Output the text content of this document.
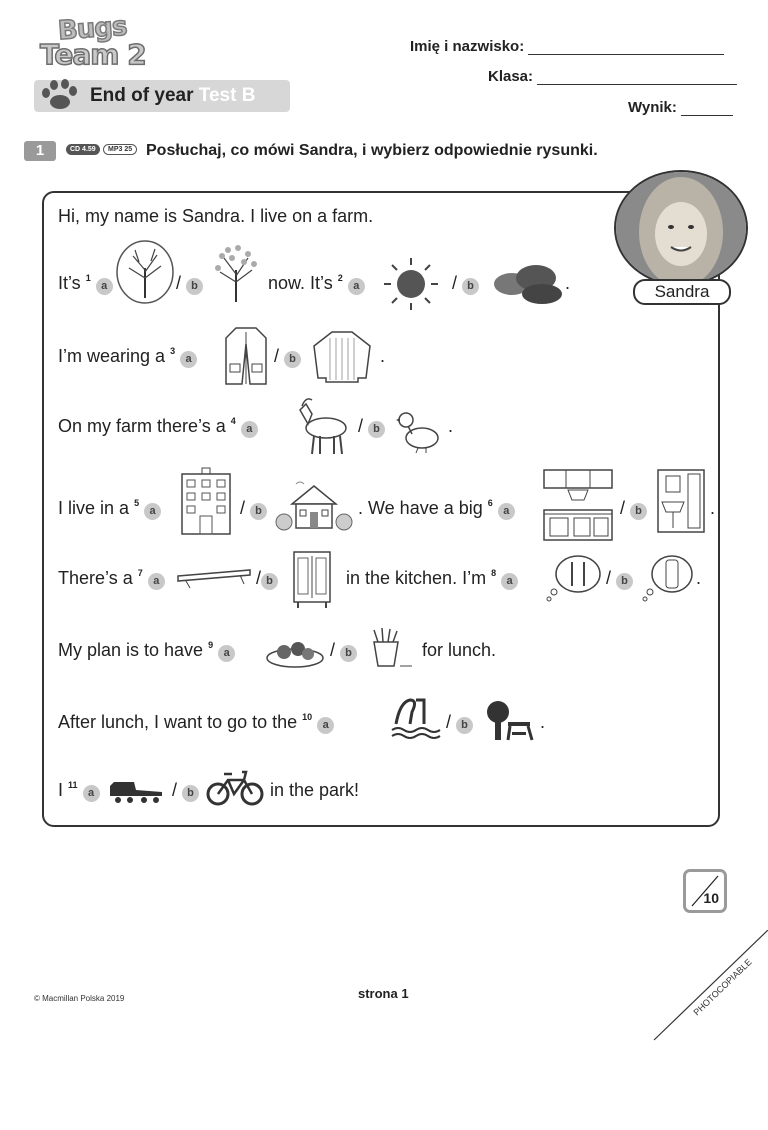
Bugs
Team 2	Imię i nazwisko:
Klasa:
Wynik:
End of year Test B
1	CD 4.59	MP3 25 Posłuchaj, co mówi Sandra, i wybierz odpowiednie rysunki.
Sandra
Hi, my name is Sandra. I live on a farm.
It’s $^1$ a	/ b	now. It’s $^2$ a	/ b	.
I’m wearing a $^3$ a	/ b	.
On my farm there’s a $^4$ a	/ b	.
I live in a $^5$ a	/ b	. We have a big $^6$ a	/ b	.
There’s a $^7$ a	/ b	in the kitchen. I’m $^8$ a	/ b	.
My plan is to have $^9$ a	/ b	for lunch.
After lunch, I want to go to the $^{10}$ a	/ b	.
I $^{11}$ a	/ b	in the park!
10
© Macmillan Polska 2019	strona 1	PHOTOCOPIABLE
